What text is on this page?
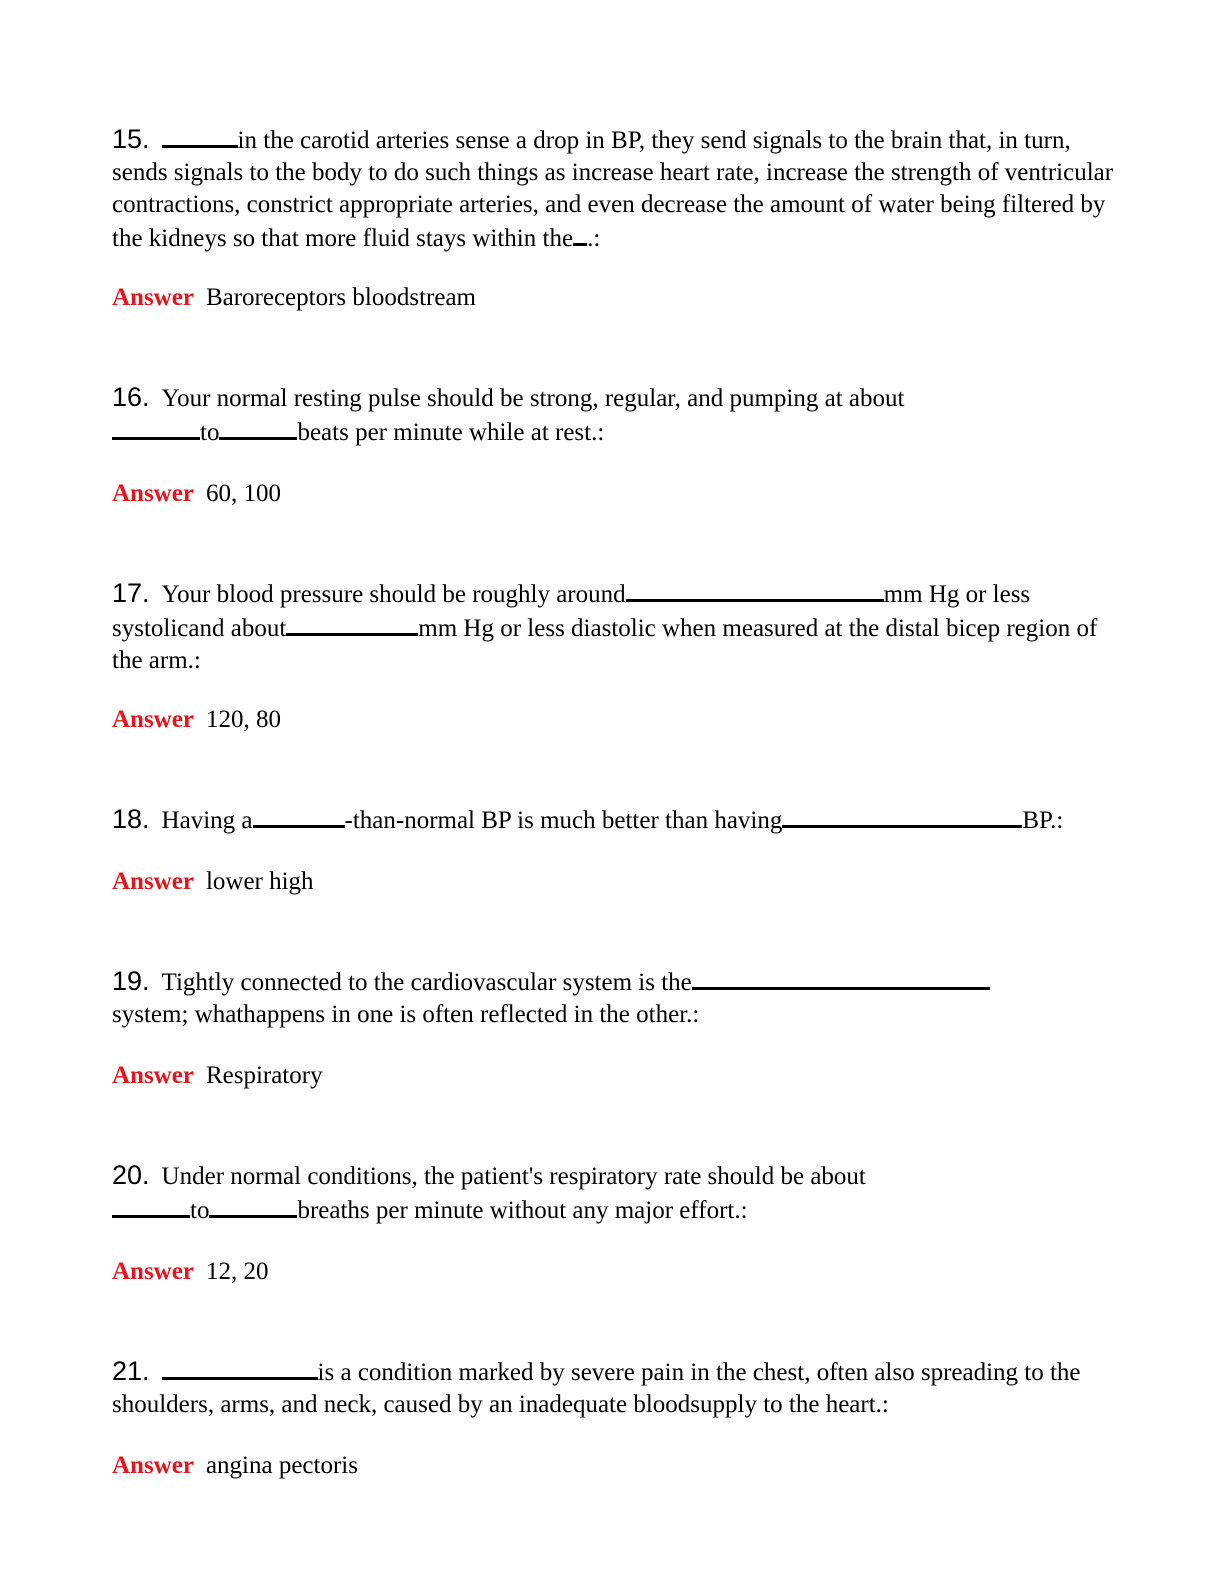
15.	in the carotid arteries sense a drop in BP, they send signals to the brain that, in turn, sends signals to the body to do such things as increase heart rate, increase the strength of ventricular contractions, constrict appropriate arteries, and even decrease the amount of water being filtered by the kidneys so that more fluid stays within the .:
Answer Baroreceptors bloodstream
16. Your normal resting pulse should be strong, regular, and pumping at about
to	beats per minute while at rest.:
Answer 60, 100
17. Your blood pressure should be roughly around	mm Hg or less systolicand about	mm Hg or less diastolic when measured at the distal bicep region of the arm.:
Answer 120, 80
18. Having a	-than-normal BP is much better than having	BP.:
Answer lower high
19. Tightly connected to the cardiovascular system is the
system; whathappens in one is often reflected in the other.:
Answer Respiratory
20. Under normal conditions, the patient's respiratory rate should be about
to	breaths per minute without any major effort.:
Answer 12, 20
21.	is a condition marked by severe pain in the chest, often also spreading to the shoulders, arms, and neck, caused by an inadequate bloodsupply to the heart.:
Answer angina pectoris
